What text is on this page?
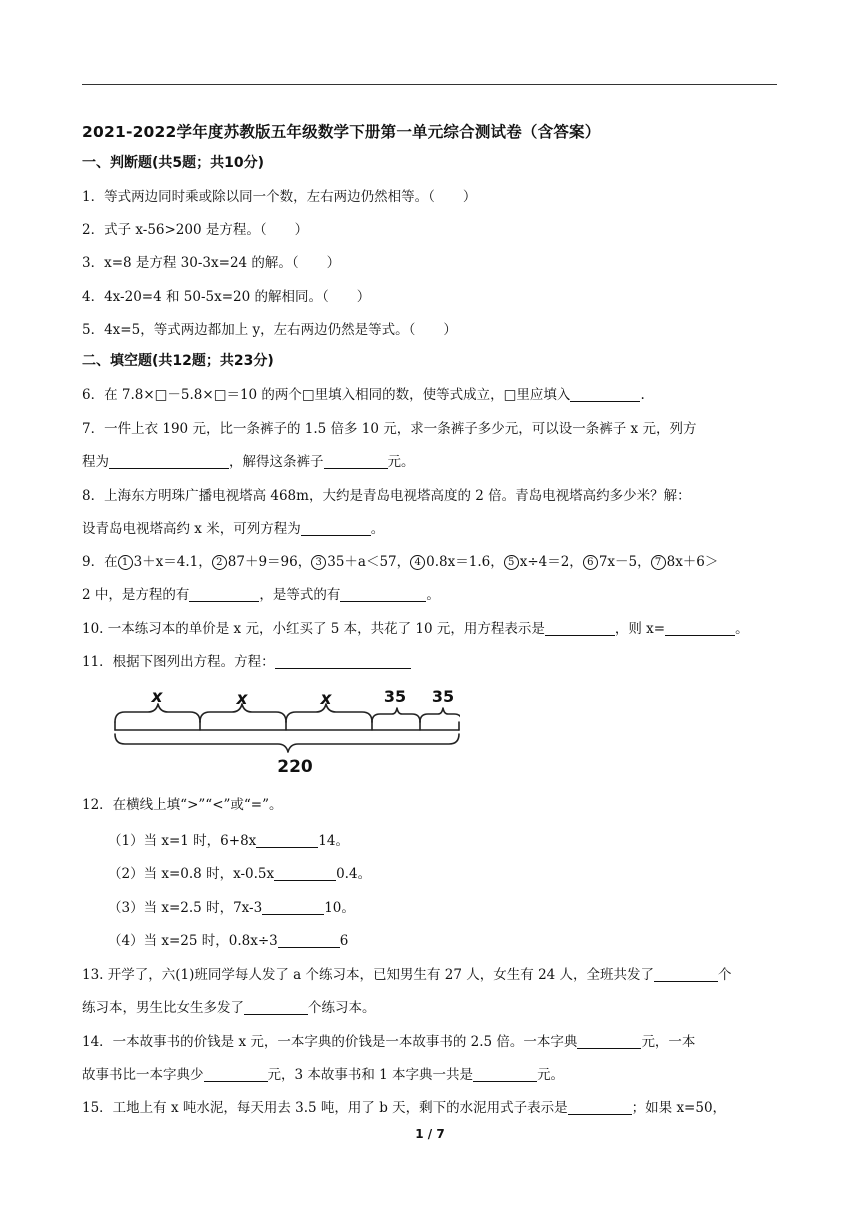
2021-2022学年度苏教版五年级数学下册第一单元综合测试卷（含答案）
一、判断题(共5题；共10分)
1．等式两边同时乘或除以同一个数，左右两边仍然相等。（ ）
2．式子 x-56>200 是方程。（ ）
3．x=8 是方程 30-3x=24 的解。（ ）
4．4x-20=4 和 50-5x=20 的解相同。（ ）
5．4x=5，等式两边都加上 y，左右两边仍然是等式。（ ）
二、填空题(共12题；共23分)
6．在 7.8×□－5.8×□＝10 的两个□里填入相同的数，使等式成立，□里应填入	.
7．一件上衣 190 元，比一条裤子的 1.5 倍多 10 元，求一条裤子多少元，可以设一条裤子 x 元，列方
程为	，解得这条裤子	元。
8．上海东方明珠广播电视塔高 468m，大约是青岛电视塔高度的 2 倍。青岛电视塔高约多少米？解：
设青岛电视塔高约 x 米，可列方程为	。
9．在 1 3＋x＝4.1， 2 87＋9＝96， 3 35＋a＜57， 4 0.8x＝1.6， 5 x÷4＝2， 6 7x－5， 7 8x＋6＞
2 中，是方程的有	，是等式的有	。
10. 一本练习本的单价是 x 元，小红买了 5 本，共花了 10 元，用方程表示是	，则 x=	。
11．根据下图列出方程。方程：
x	x	x	35 35
220
12．在横线上填“>”“<”或“=”。
（1）当 x=1 时，6+8x	14。
（2）当 x=0.8 时，x-0.5x	0.4。
（3）当 x=2.5 时，7x-3	10。
（4）当 x=25 时，0.8x÷3	6
13. 开学了，六(1)班同学每人发了 a 个练习本，已知男生有 27 人，女生有 24 人，全班共发了	个
练习本，男生比女生多发了	个练习本。
14．一本故事书的价钱是 x 元，一本字典的价钱是一本故事书的 2.5 倍。一本字典	元，一本
故事书比一本字典少	元，3 本故事书和 1 本字典一共是	元。
15．工地上有 x 吨水泥，每天用去 3.5 吨，用了 b 天，剩下的水泥用式子表示是	；如果 x=50，
1 / 7
